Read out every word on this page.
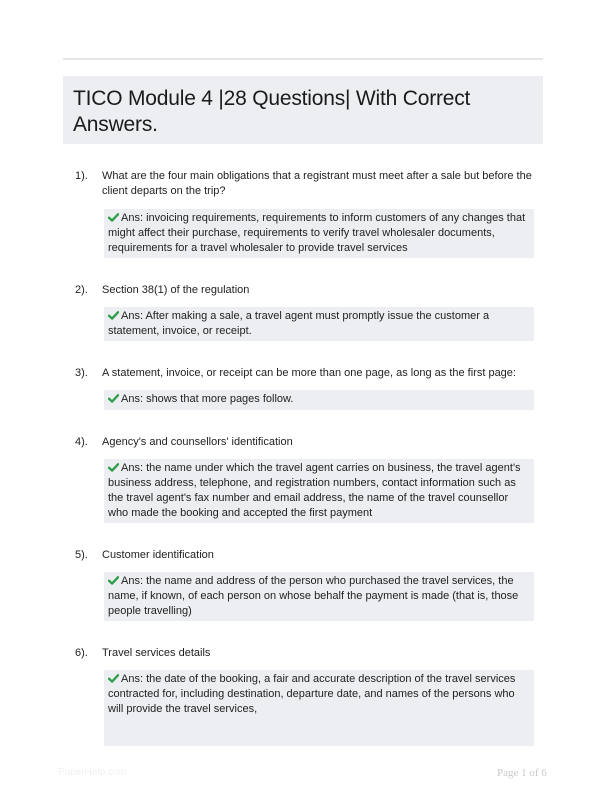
TICO Module 4 |28 Questions| With Correct Answers.
1). What are the four main obligations that a registrant must meet after a sale but before the client departs on the trip?
Ans: invoicing requirements, requirements to inform customers of any changes that might affect their purchase, requirements to verify travel wholesaler documents, requirements for a travel wholesaler to provide travel services
2). Section 38(1) of the regulation
Ans: After making a sale, a travel agent must promptly issue the customer a statement, invoice, or receipt.
3). A statement, invoice, or receipt can be more than one page, as long as the first page:
Ans: shows that more pages follow.
4). Agency's and counsellors' identification
Ans: the name under which the travel agent carries on business, the travel agent's business address, telephone, and registration numbers, contact information such as the travel agent's fax number and email address, the name of the travel counsellor who made the booking and accepted the first payment
5). Customer identification
Ans: the name and address of the person who purchased the travel services, the name, if known, of each person on whose behalf the payment is made (that is, those people travelling)
6). Travel services details
Ans: the date of the booking, a fair and accurate description of the travel services contracted for, including destination, departure date, and names of the persons who will provide the travel services,
PaperHelp.com	Page 1 of 6
